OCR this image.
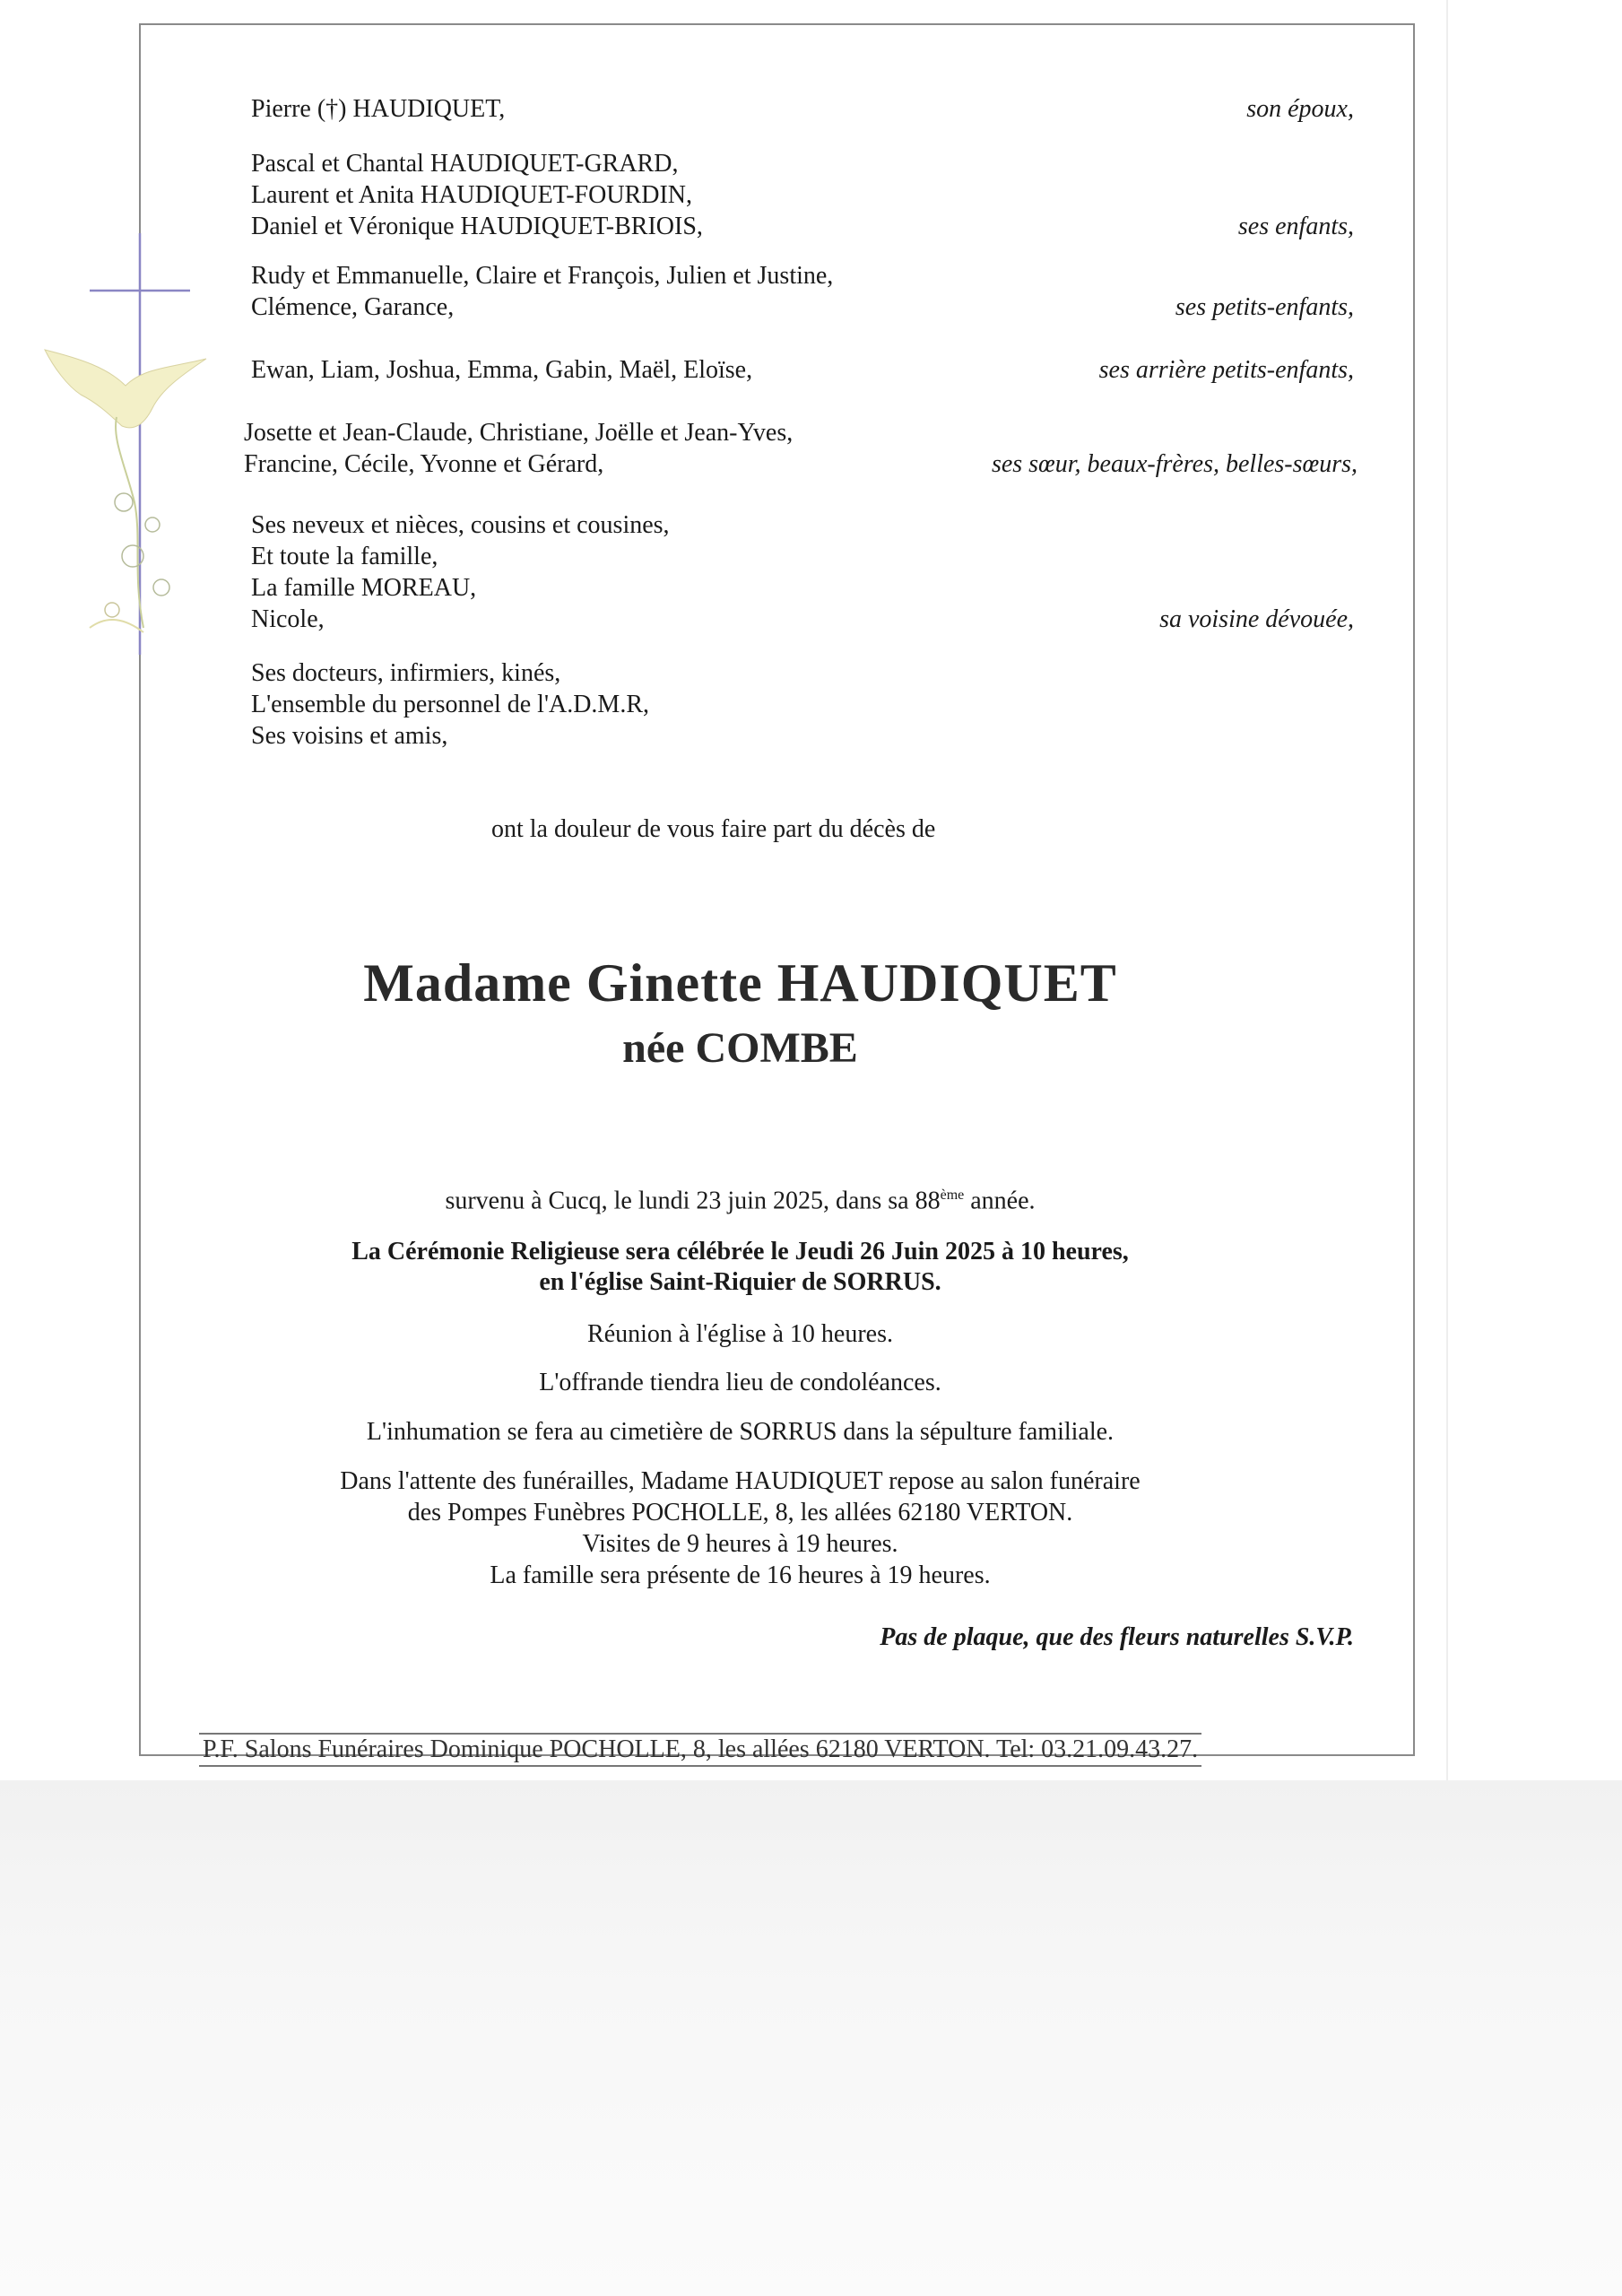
Pierre (†) HAUDIQUET,	son époux,
Pascal et Chantal HAUDIQUET-GRARD,
Laurent et Anita HAUDIQUET-FOURDIN,
Daniel et Véronique HAUDIQUET-BRIOIS,	ses enfants,
Rudy et Emmanuelle, Claire et François, Julien et Justine,
Clémence, Garance,	ses petits-enfants,
Ewan, Liam, Joshua, Emma, Gabin, Maël, Eloïse,	ses arrière petits-enfants,
Josette et Jean-Claude, Christiane, Joëlle et Jean-Yves,
Francine, Cécile, Yvonne et Gérard,	ses sœur, beaux-frères, belles-sœurs,
Ses neveux et nièces, cousins et cousines,
Et toute la famille,
La famille MOREAU,
Nicole,	sa voisine dévouée,
Ses docteurs, infirmiers, kinés,
L'ensemble du personnel de l'A.D.M.R,
Ses voisins et amis,
ont la douleur de vous faire part du décès de
Madame Ginette HAUDIQUET
née COMBE
survenu à Cucq, le lundi 23 juin 2025, dans sa 88ème année.
La Cérémonie Religieuse sera célébrée le Jeudi 26 Juin 2025 à 10 heures,
en l'église Saint-Riquier de SORRUS.
Réunion à l'église à 10 heures.
L'offrande tiendra lieu de condoléances.
L'inhumation se fera au cimetière de SORRUS dans la sépulture familiale.
Dans l'attente des funérailles, Madame HAUDIQUET repose au salon funéraire
des Pompes Funèbres POCHOLLE, 8, les allées 62180 VERTON.
Visites de 9 heures à 19 heures.
La famille sera présente de 16 heures à 19 heures.
Pas de plaque, que des fleurs naturelles S.V.P.
P.F. Salons Funéraires Dominique POCHOLLE, 8, les allées 62180 VERTON. Tel: 03.21.09.43.27.
